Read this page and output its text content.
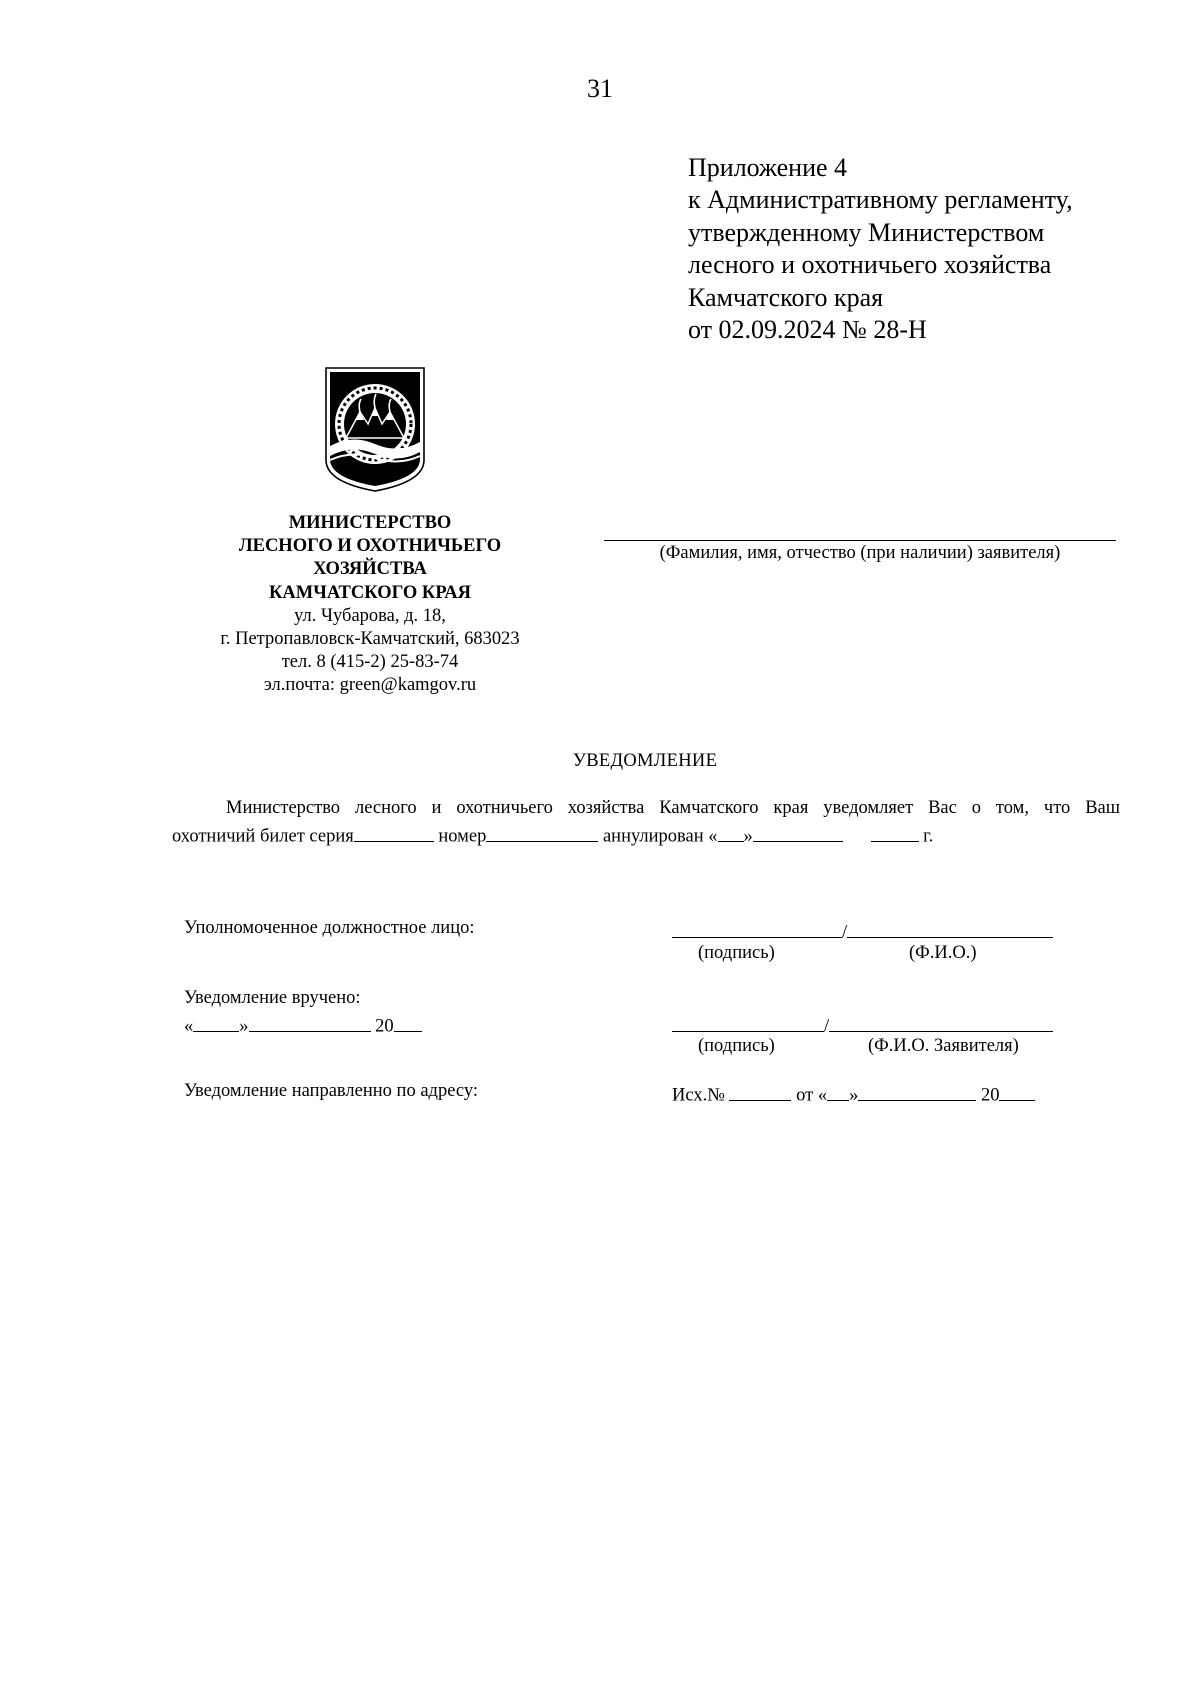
31
Приложение 4
к Административному регламенту,
утвержденному Министерством
лесного и охотничьего хозяйства
Камчатского края
от 02.09.2024 № 28-Н
МИНИСТЕРСТВО
ЛЕСНОГО И ОХОТНИЧЬЕГО
ХОЗЯЙСТВА
КАМЧАТСКОГО КРАЯ
ул. Чубарова, д. 18,
г. Петропавловск-Камчатский, 683023
тел. 8 (415-2) 25-83-74
эл.почта: green@kamgov.ru
(Фамилия, имя, отчество (при наличии) заявителя)
УВЕДОМЛЕНИЕ
Министерство лесного и охотничьего хозяйства Камчатского края уведомляет Вас о том, что Ваш
охотничий билет серия	номер	аннулирован « »	г.
Уполномоченное должностное лицо:	/
(подпись)	(Ф.И.О.)
Уведомление вручено:
« »	20	/
(подпись)	(Ф.И.О. Заявителя)
Уведомление направленно по адресу:	Исх.№	от « »	20
